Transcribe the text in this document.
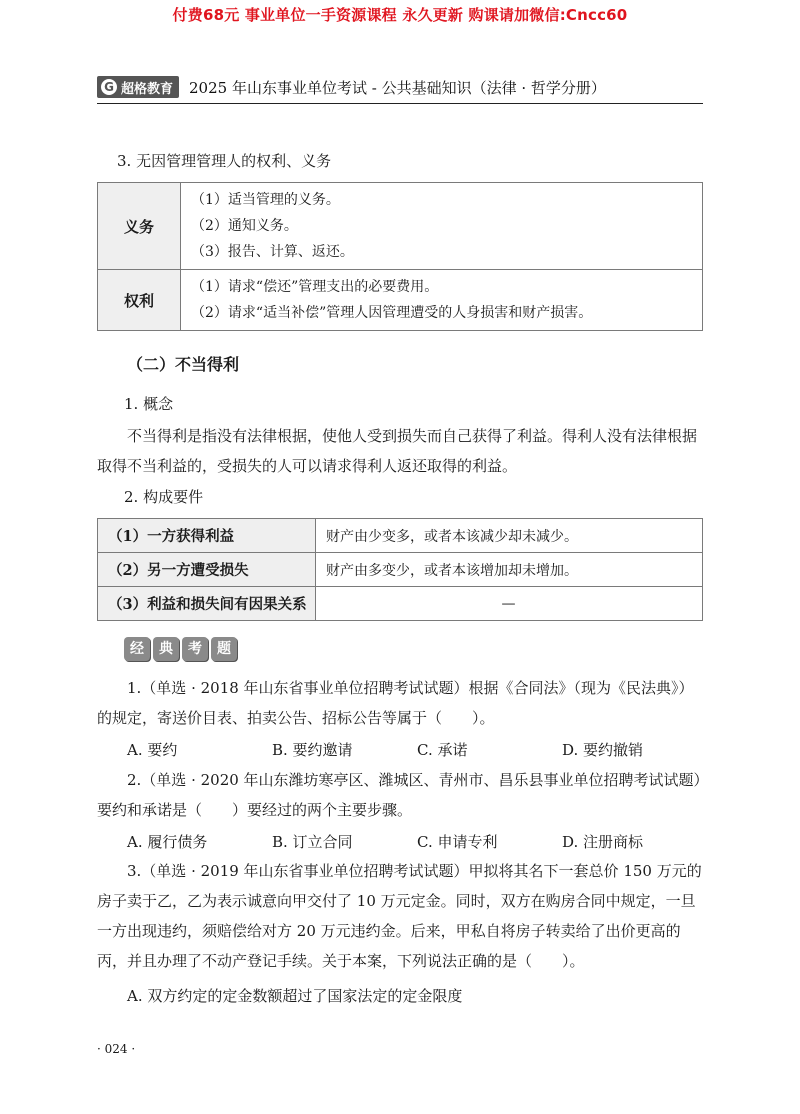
付费68元 事业单位一手资源课程 永久更新 购课请加微信:Cncc60
G 超格教育 2025 年山东事业单位考试 - 公共基础知识（法律 · 哲学分册）
3. 无因管理管理人的权利、义务
义务	（1）适当管理的义务。
（2）通知义务。
（3）报告、计算、返还。

权利	（1）请求“偿还”管理支出的必要费用。
（2）请求“适当补偿”管理人因管理遭受的人身损害和财产损害。
（二）不当得利
1. 概念
不当得利是指没有法律根据，使他人受到损失而自己获得了利益。得利人没有法律根据取得不当利益的，受损失的人可以请求得利人返还取得的利益。
2. 构成要件
（1）一方获得利益	财产由少变多，或者本该减少却未减少。
（2）另一方遭受损失	财产由多变少，或者本该增加却未增加。
（3）利益和损失间有因果关系	—
经	典	考	题
1.（单选 · 2018 年山东省事业单位招聘考试试题）根据《合同法》（现为《民法典》）的规定，寄送价目表、拍卖公告、招标公告等属于（　　）。
A. 要约	B. 要约邀请	C. 承诺	D. 要约撤销
2.（单选 · 2020 年山东潍坊寒亭区、潍城区、青州市、昌乐县事业单位招聘考试试题）要约和承诺是（　　）要经过的两个主要步骤。
A. 履行债务	B. 订立合同	C. 申请专利	D. 注册商标
3.（单选 · 2019 年山东省事业单位招聘考试试题）甲拟将其名下一套总价 150 万元的房子卖于乙，乙为表示诚意向甲交付了 10 万元定金。同时，双方在购房合同中规定，一旦一方出现违约，须赔偿给对方 20 万元违约金。后来，甲私自将房子转卖给了出价更高的丙，并且办理了不动产登记手续。关于本案，下列说法正确的是（　　）。
A. 双方约定的定金数额超过了国家法定的定金限度
· 024 ·
